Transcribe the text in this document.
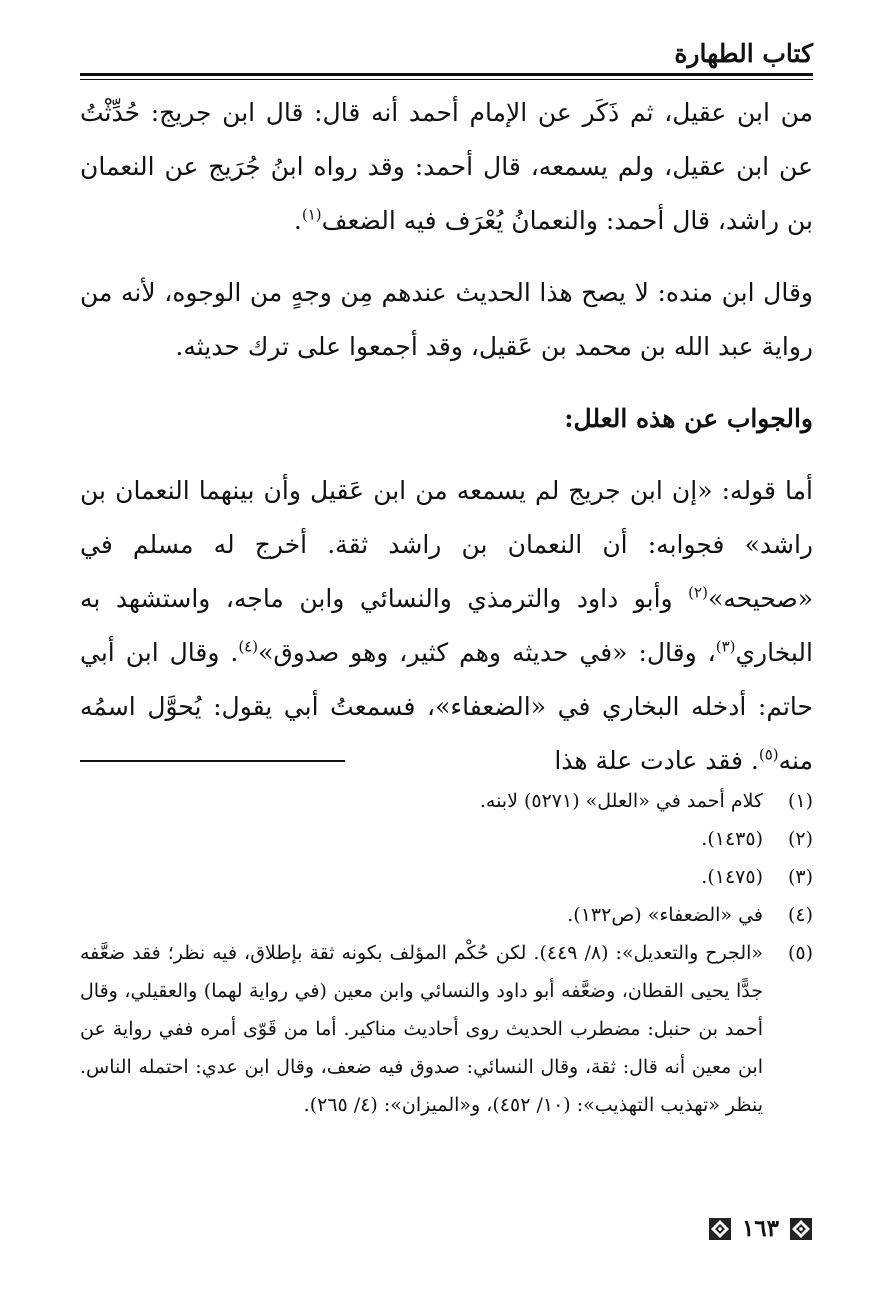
كتاب الطهارة

من ابن عقيل، ثم ذَكَر عن الإمام أحمد أنه قال: قال ابن جريج: حُدِّثْتُ عن ابن عقيل، ولم يسمعه، قال أحمد: وقد رواه ابنُ جُرَيج عن النعمان بن راشد، قال أحمد: والنعمانُ يُعْرَف فيه الضعف$^{(١)}$.

وقال ابن منده: لا يصح هذا الحديث عندهم مِن وجهٍ من الوجوه، لأنه من رواية عبد الله بن محمد بن عَقيل، وقد أجمعوا على ترك حديثه.

والجواب عن هذه العلل:

أما قوله: «إن ابن جريج لم يسمعه من ابن عَقيل وأن بينهما النعمان بن راشد» فجوابه: أن النعمان بن راشد ثقة. أخرج له مسلم في «صحيحه»$^{(٢)}$ وأبو داود والترمذي والنسائي وابن ماجه، واستشهد به البخاري$^{(٣)}$، وقال: «في حديثه وهم كثير، وهو صدوق»$^{(٤)}$. وقال ابن أبي حاتم: أدخله البخاري في «الضعفاء»، فسمعتُ أبي يقول: يُحوَّل اسمُه منه$^{(٥)}$. فقد عادت علة هذا

(١)
كلام أحمد في «العلل» (٥٢٧١) لابنه.
(٢)
(١٤٣٥).
(٣)
(١٤٧٥).
(٤)
في «الضعفاء» (ص١٣٢).
(٥)
«الجرح والتعديل»: (٨/ ٤٤٩). لكن حُكْم المؤلف بكونه ثقة بإطلاق، فيه نظر؛ فقد ضعَّفه جدًّا يحيى القطان، وضعَّفه أبو داود والنسائي وابن معين (في رواية لهما) والعقيلي، وقال أحمد بن حنبل: مضطرب الحديث روى أحاديث مناكير. أما من قَوّى أمره ففي رواية عن ابن معين أنه قال: ثقة، وقال النسائي: صدوق فيه ضعف، وقال ابن عدي: احتمله الناس. ينظر «تهذيب التهذيب»: (١٠/ ٤٥٢)، و«الميزان»: (٤/ ٢٦٥).
١٦٣
